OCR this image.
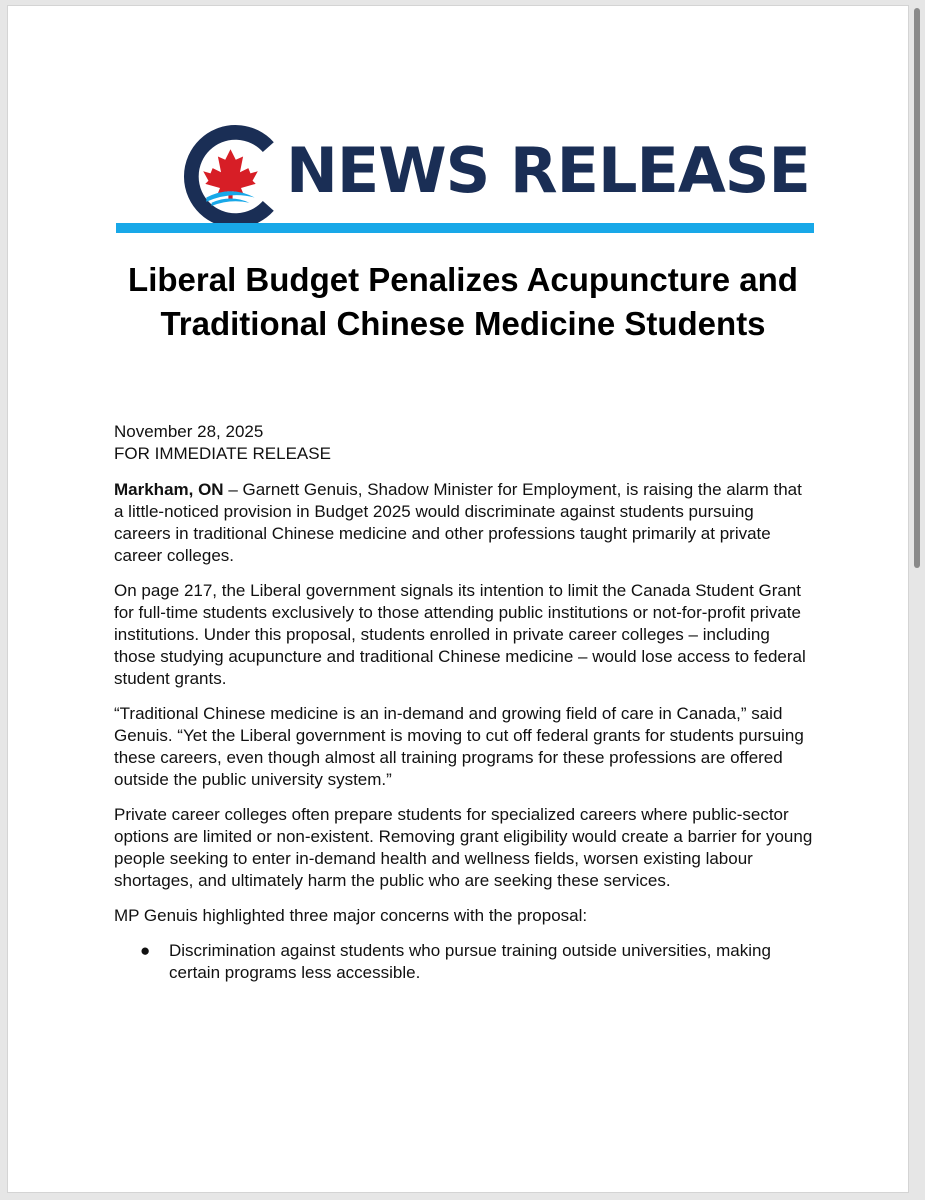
NEWS RELEASE
Liberal Budget Penalizes Acupuncture and Traditional Chinese Medicine Students

November 28, 2025

FOR IMMEDIATE RELEASE

Markham, ON – Garnett Genuis, Shadow Minister for Employment, is raising the alarm that a little-noticed provision in Budget 2025 would discriminate against students pursuing careers in traditional Chinese medicine and other professions taught primarily at private career colleges.

On page 217, the Liberal government signals its intention to limit the Canada Student Grant for full-time students exclusively to those attending public institutions or not-for-profit private institutions. Under this proposal, students enrolled in private career colleges – including those studying acupuncture and traditional Chinese medicine – would lose access to federal student grants.

“Traditional Chinese medicine is an in-demand and growing field of care in Canada,” said Genuis. “Yet the Liberal government is moving to cut off federal grants for students pursuing these careers, even though almost all training programs for these professions are offered outside the public university system.”

Private career colleges often prepare students for specialized careers where public-sector options are limited or non-existent. Removing grant eligibility would create a barrier for young people seeking to enter in-demand health and wellness fields, worsen existing labour shortages, and ultimately harm the public who are seeking these services.

MP Genuis highlighted three major concerns with the proposal:

● Discrimination against students who pursue training outside universities, making certain programs less accessible.
